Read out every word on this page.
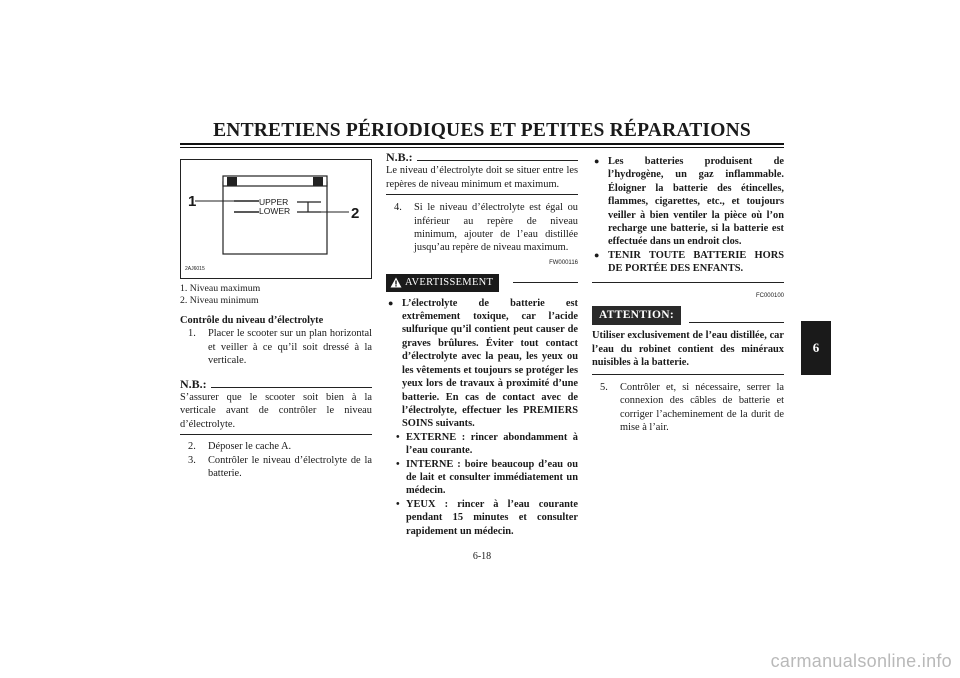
ENTRETIENS PÉRIODIQUES ET PETITES RÉPARATIONS
6
1
2
UPPER
LOWER
2AJ6015

1. Niveau maximum

2. Niveau minimum

Contrôle du niveau d’électrolyte

1.	Placer le scooter sur un plan horizontal et veiller à ce qu’il soit dressé à la verticale.
N.B.:

S’assurer que le scooter soit bien à la verticale avant de contrôler le niveau d’électrolyte.

2.	Déposer le cache A.
3.	Contrôler le niveau d’électrolyte de la batterie.
N.B.:

Le niveau d’électrolyte doit se situer entre les repères de niveau minimum et maximum.

4.	Si le niveau d’électrolyte est égal ou inférieur au repère de niveau minimum, ajouter de l’eau distillée jusqu’au repère de niveau maximum.
FW000116
AVERTISSEMENT
● L’électrolyte de batterie est extrêmement toxique, car l’acide sulfurique qu’il contient peut causer de graves brûlures. Éviter tout contact d’électrolyte avec la peau, les yeux ou les vêtements et toujours se protéger les yeux lors de travaux à proximité d’une batterie. En cas de contact avec de l’électrolyte, effectuer les PREMIERS SOINS suivants.
• EXTERNE : rincer abondamment à l’eau courante.
• INTERNE : boire beaucoup d’eau ou de lait et consulter immédiatement un médecin.
• YEUX : rincer à l’eau courante pendant 15 minutes et consulter rapidement un médecin.
● Les batteries produisent de l’hydrogène, un gaz inflammable. Éloigner la batterie des étincelles, flammes, cigarettes, etc., et toujours veiller à bien ventiler la pièce où l’on recharge une batterie, si la batterie est effectuée dans un endroit clos.
● TENIR TOUTE BATTERIE HORS DE PORTÉE DES ENFANTS.
FC000100
ATTENTION:

Utiliser exclusivement de l’eau distillée, car l’eau du robinet contient des minéraux nuisibles à la batterie.

5.	Contrôler et, si nécessaire, serrer la connexion des câbles de batterie et corriger l’acheminement de la durit de mise à l’air.
6-18
carmanualsonline.info
